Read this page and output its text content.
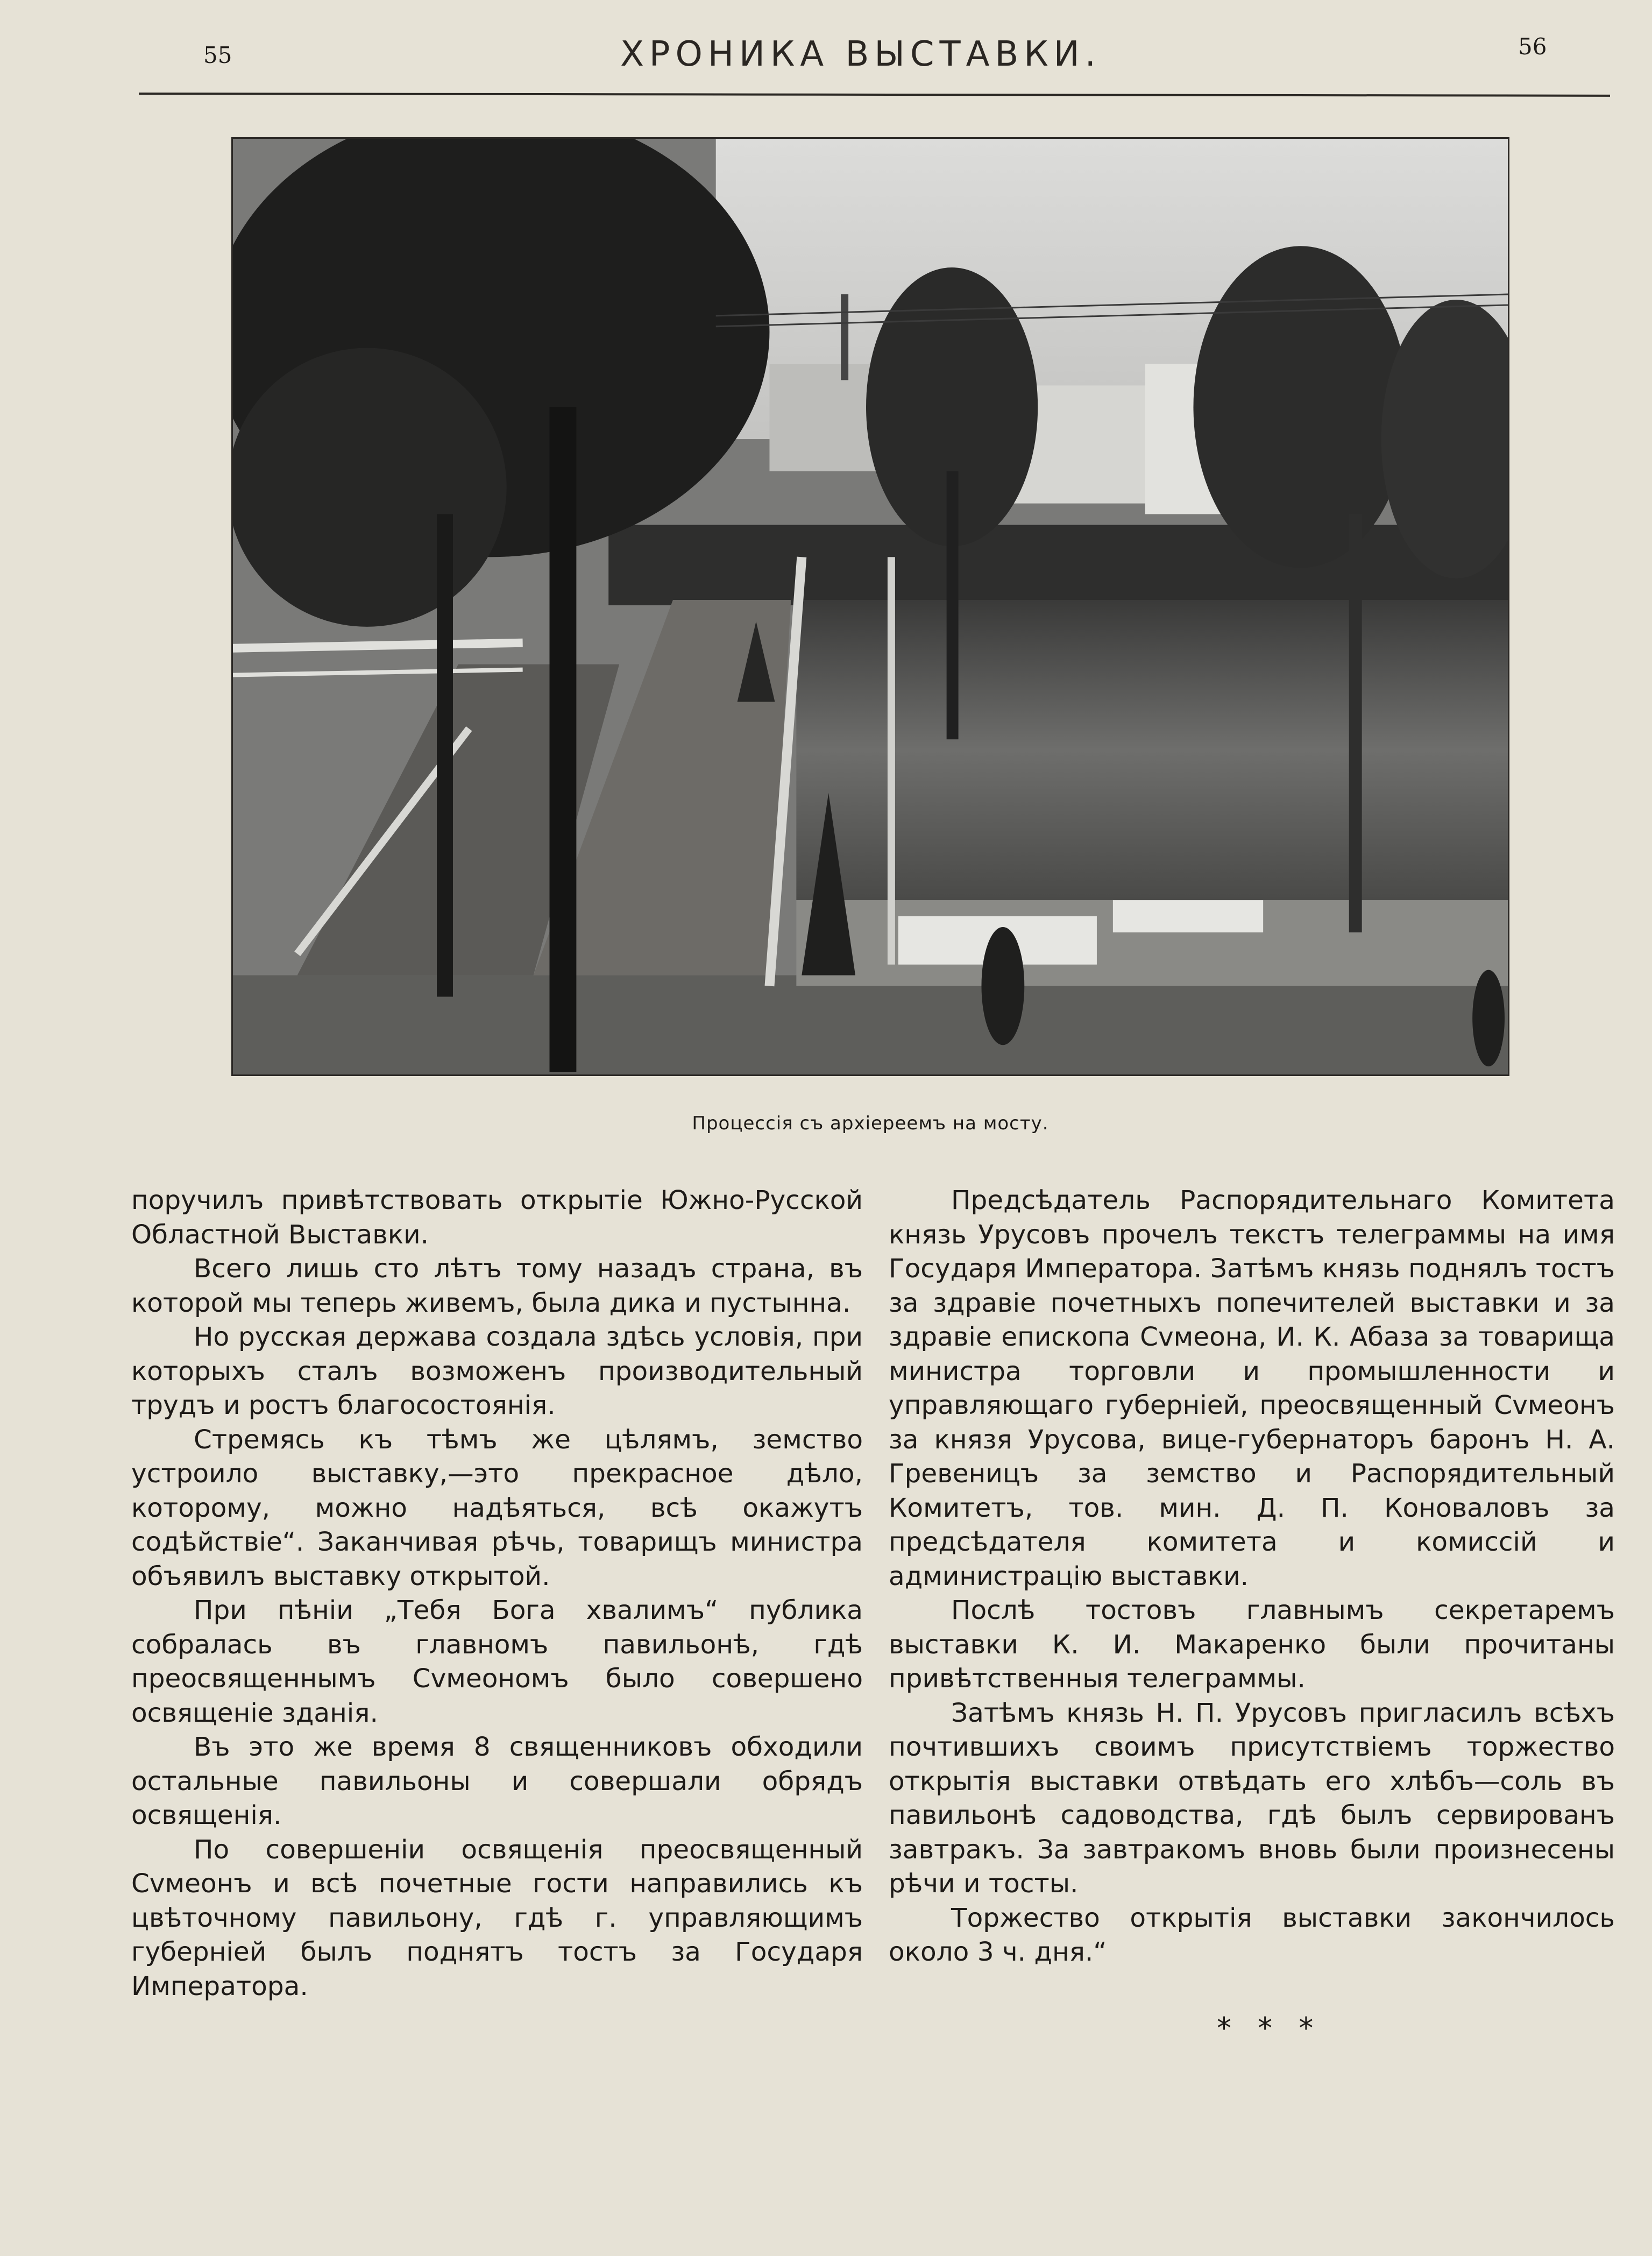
55	ХРОНИКА ВЫСТАВКИ.	56
Процессія съ архіереемъ на мосту.

поручилъ привѣтствовать открытіе Южно-Русской Областной Выставки.

Всего лишь сто лѣтъ тому назадъ страна, въ которой мы теперь живемъ, была дика и пустынна.

Но русская держава создала здѣсь условія, при которыхъ сталъ возможенъ производительный трудъ и ростъ благосостоянія.

Стремясь къ тѣмъ же цѣлямъ, земство устроило выставку,—это прекрасное дѣло, которому, можно надѣяться, всѣ окажутъ содѣйствіе“. Заканчивая рѣчь, товарищъ министра объявилъ выставку открытой.

При пѣніи „Тебя Бога хвалимъ“ публика собралась въ главномъ павильонѣ, гдѣ преосвященнымъ Сvмеономъ было совершено освященіе зданія.

Въ это же время 8 священниковъ обходили остальные павильоны и совершали обрядъ освященія.

По совершеніи освященія преосвященный Сvмеонъ и всѣ почетные гости направились къ цвѣточному павильону, гдѣ г. управляющимъ губерніей былъ поднятъ тостъ за Государя Императора.

Предсѣдатель Распорядительнаго Комитета князь Урусовъ прочелъ текстъ телеграммы на имя Государя Императора. Затѣмъ князь поднялъ тостъ за здравіе почетныхъ попечителей выставки и за здравіе епископа Сvмеона, И. К. Абаза за товарища министра торговли и промышленности и управляющаго губерніей, преосвященный Сvмеонъ за князя Урусова, вице-губернаторъ баронъ Н. А. Гревеницъ за земство и Распорядительный Комитетъ, тов. мин. Д. П. Коноваловъ за предсѣдателя комитета и комиссій и администрацію выставки.

Послѣ тостовъ главнымъ секретаремъ выставки К. И. Макаренко были прочитаны привѣтственныя телеграммы.

Затѣмъ князь Н. П. Урусовъ пригласилъ всѣхъ почтившихъ своимъ присутствіемъ торжество открытія выставки отвѣдать его хлѣбъ—соль въ павильонѣ садоводства, гдѣ былъ сервированъ завтракъ. За завтракомъ вновь были произнесены рѣчи и тосты.

Торжество открытія выставки закончилось около 3 ч. дня.“

* * *
